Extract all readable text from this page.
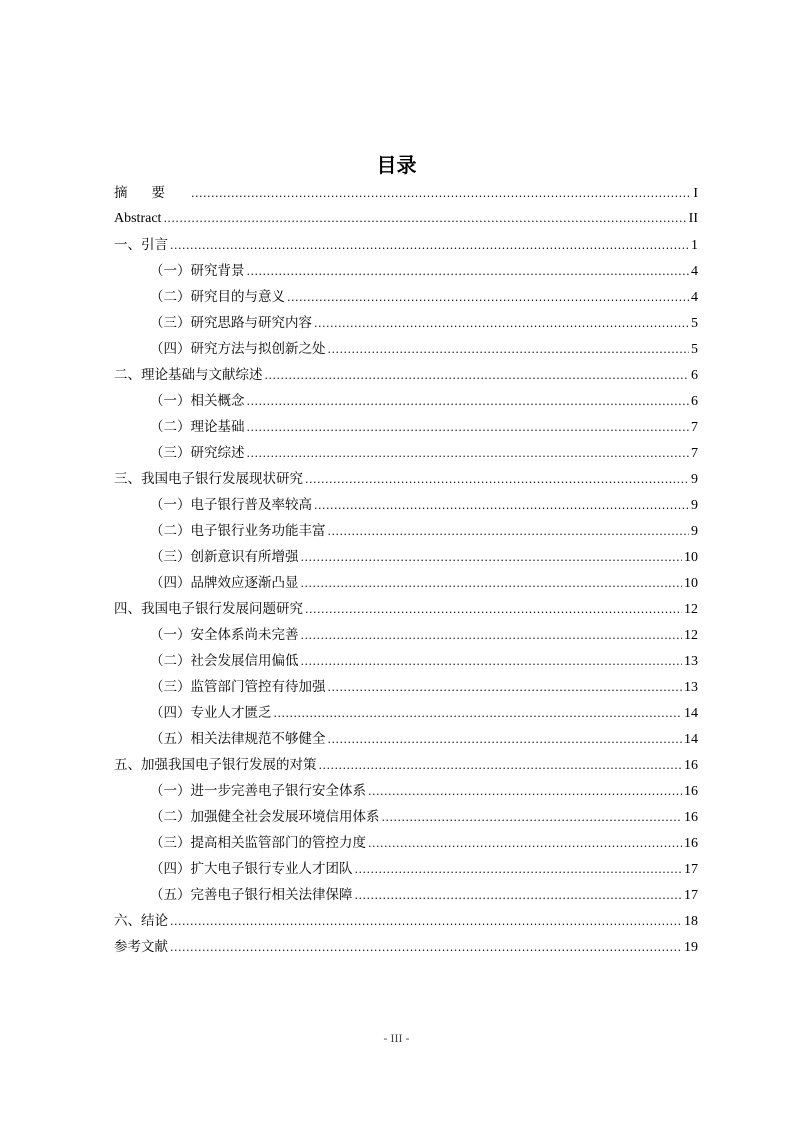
目录
摘要 .....	I
Abstract .....	II
一、引言 .....	1
（一）研究背景 .....	4
（二）研究目的与意义 .....	4
（三）研究思路与研究内容 .....	5
（四）研究方法与拟创新之处 .....	5
二、理论基础与文献综述 .....	6
（一）相关概念 .....	6
（二）理论基础 .....	7
（三）研究综述 .....	7
三、我国电子银行发展现状研究 .....	9
（一）电子银行普及率较高 .....	9
（二）电子银行业务功能丰富 .....	9
（三）创新意识有所增强 .....	10
（四）品牌效应逐渐凸显 .....	10
四、我国电子银行发展问题研究 .....	12
（一）安全体系尚未完善 .....	12
（二）社会发展信用偏低 .....	13
（三）监管部门管控有待加强 .....	13
（四）专业人才匮乏 .....	14
（五）相关法律规范不够健全 .....	14
五、加强我国电子银行发展的对策 .....	16
（一）进一步完善电子银行安全体系 .....	16
（二）加强健全社会发展环境信用体系 .....	16
（三）提高相关监管部门的管控力度 .....	16
（四）扩大电子银行专业人才团队 .....	17
（五）完善电子银行相关法律保障 .....	17
六、结论 .....	18
参考文献 .....	19
- III -
